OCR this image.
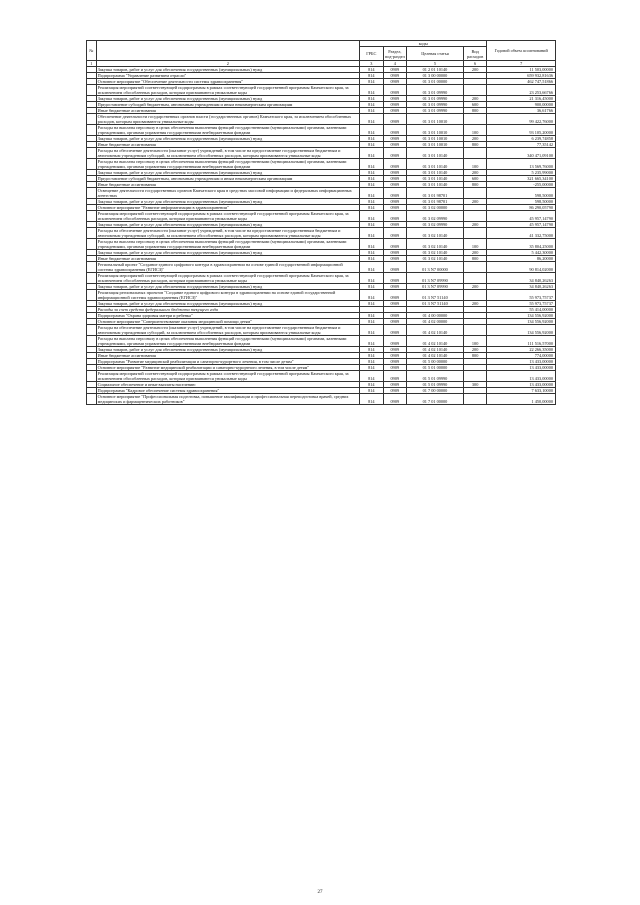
№		коды				Годовой объем ассигнований
		ГРБС	Раздел, под-раздел	Целевая статья	Вид расходов	
1	2	3	4	5	6	7
	Закупка товаров, работ и услуг для обеспечения государственных (муниципальных) нужд	814	0909	01 2 01 10140	200	11 503,00000
	Подпрограмма "Управление развитием отрасли"	814	0909	01 3 00 00000		659 932,81636
	Основное мероприятие "Обеспечение деятельности системы здравоохранения"	814	0909	01 3 01 00000		462 747,51866
	Реализация мероприятий соответствующей подпрограммы в рамках соответствующей государственной программы Камчатского края, за исключением обособленных расходов, которым присваиваются уникальные коды	814	0909	01 3 01 09990		23 253,66766
	Закупка товаров, работ и услуг для обеспечения государственных (муниципальных) нужд	814	0909	01 3 01 09990	200	21 316,45000
	Предоставление субсидий бюджетным, автономным учреждениям и иным некоммерческим организациям	814	0909	01 3 01 09990	600	900,00000
	Иные бюджетные ассигнования	814	0909	01 3 01 09990	800	36,61766
	Обеспечение деятельности государственных органов власти (государственных органов) Камчатского края, за исключением обособленных расходов, которым присваиваются уникальные коды	814	0909	01 3 01 10010		99 422,76000
	Расходы на выплаты персоналу в целях обеспечения выполнения функций государственными (муниципальными) органами, казенными учреждениями, органами управления государственными внебюджетными фондами	814	0909	01 3 01 10010	100	93 105,20000
	Закупка товаров, работ и услуг для обеспечения государственных (муниципальных) нужд	814	0909	01 3 01 10010	200	6 239,74858
	Иные бюджетные ассигнования	814	0909	01 3 01 10010	800	77,35142
	Расходы на обеспечение деятельности (оказание услуг) учреждений, в том числе на предоставление государственным бюджетным и автономным учреждениям субсидий, за исключением обособленных расходов, которым присваиваются уникальные коды	814	0909	01 3 01 10140		340 471,09100
	Расходы на выплаты персоналу в целях обеспечения выполнения функций государственными (муниципальными) органами, казенными учреждениями, органами управления государственными внебюджетными фондами	814	0909	01 3 01 10140	100	13 569,76000
	Закупка товаров, работ и услуг для обеспечения государственных (муниципальных) нужд	814	0909	01 3 01 10140	200	5 235,99000
	Предоставление субсидий бюджетным, автономным учреждениям и иным некоммерческим организациям	814	0909	01 3 01 10140	600	321 665,34100
	Иные бюджетные ассигнования	814	0909	01 3 01 10140	800	-255,00000
	Освещение деятельности государственных органов Камчатского края в средствах массовой информации и федеральных информационных агентствах	814	0909	01 3 01 98701		598,50000
	Закупка товаров, работ и услуг для обеспечения государственных (муниципальных) нужд	814	0909	01 3 01 98701	200	598,50000
	Основное мероприятие "Развитие информатизации в здравоохранении"	814	0909	01 3 02 00000		86 290,05790
	Реализация мероприятий соответствующей подпрограммы в рамках соответствующей государственной программы Камчатского края, за исключением обособленных расходов, которым присваиваются уникальные коды	814	0909	01 3 02 09990		45 957,14790
	Закупка товаров, работ и услуг для обеспечения государственных (муниципальных) нужд	814	0909	01 3 02 09990	200	45 957,14790
	Расходы на обеспечение деятельности (оказание услуг) учреждений, в том числе на предоставление государственным бюджетным и автономным учреждениям субсидий, за исключением обособленных расходов, которым присваиваются уникальные коды	814	0909	01 3 02 10140		41 332,75000
	Расходы на выплаты персоналу в целях обеспечения выполнения функций государственными (муниципальными) органами, казенными учреждениями, органами управления государственными внебюджетными фондами	814	0909	01 3 02 10140	100	35 804,25000
	Закупка товаров, работ и услуг для обеспечения государственных (муниципальных) нужд	814	0909	01 3 02 10140	200	5 442,30000
	Иные бюджетные ассигнования	814	0909	01 3 02 10140	800	86,20000
	Региональный проект "Создание единого цифрового контура в здравоохранении на основе единой государственной информационной системы здравоохранения (ЕГИСЗ)"	814	0909	01 3 N7 00000		90 814,02000
	Реализация мероприятий соответствующей подпрограммы в рамках соответствующей государственной программы Камчатского края, за исключением обособленных расходов, которым присваиваются уникальные коды	814	0909	01 3 N7 09990		34 840,26263
	Закупка товаров, работ и услуг для обеспечения государственных (муниципальных) нужд	814	0909	01 3 N7 09990	200	34 840,26263
	Реализация региональных проектов "Создание единого цифрового контура в здравоохранении на основе единой государственной информационной системы здравоохранения (ЕГИСЗ)"	814	0909	01 3 N7 51140		55 973,75737
	Закупка товаров, работ и услуг для обеспечения государственных (муниципальных) нужд	814	0909	01 3 N7 51140	200	55 973,75737
	Расходы за счет средств федерального бюджета текущего года					55 414,00000
	Подпрограмма "Охрана здоровья матери и ребенка"	814	0909	01 4 00 00000		134 556,92000
	Основное мероприятие "Совершенствование оказания медицинской помощи детям"	814	0909	01 4 02 00000		134 556,92000
	Расходы на обеспечение деятельности (оказание услуг) учреждений, в том числе на предоставление государственным бюджетным и автономным учреждениям субсидий, за исключением обособленных расходов, которым присваиваются уникальные коды	814	0909	01 4 02 10140		134 556,92000
	Расходы на выплаты персоналу в целях обеспечения выполнения функций государственными (муниципальными) органами, казенными учреждениями, органами управления государственными внебюджетными фондами	814	0909	01 4 02 10140	100	111 516,57000
	Закупка товаров, работ и услуг для обеспечения государственных (муниципальных) нужд	814	0909	01 4 02 10140	200	22 266,35000
	Иные бюджетные ассигнования	814	0909	01 4 02 10140	800	774,00000
	Подпрограмма "Развитие медицинской реабилитации и санаторно-курортного лечения, в том числе детям"	814	0909	01 5 00 00000		13 433,00000
	Основное мероприятие "Развитие медицинской реабилитации и санаторно-курортного лечения, в том числе детям"	814	0909	01 5 01 00000		13 433,00000
	Реализация мероприятий соответствующей подпрограммы в рамках соответствующей государственной программы Камчатского края, за исключением обособленных расходов, которым присваиваются уникальные коды	814	0909	01 5 01 09990		13 433,00000
	Социальное обеспечение и иные выплаты населению	814	0909	01 5 01 09990	300	13 433,00000
	Подпрограмма "Кадровое обеспечение системы здравоохранения"	814	0909	01 7 00 00000		7 633,10000
	Основное мероприятие "Профессиональная подготовка, повышение квалификации и профессиональная переподготовка врачей, средних медицинских и фармацевтических работников"	814	0909	01 7 01 00000		1 450,00000
27
